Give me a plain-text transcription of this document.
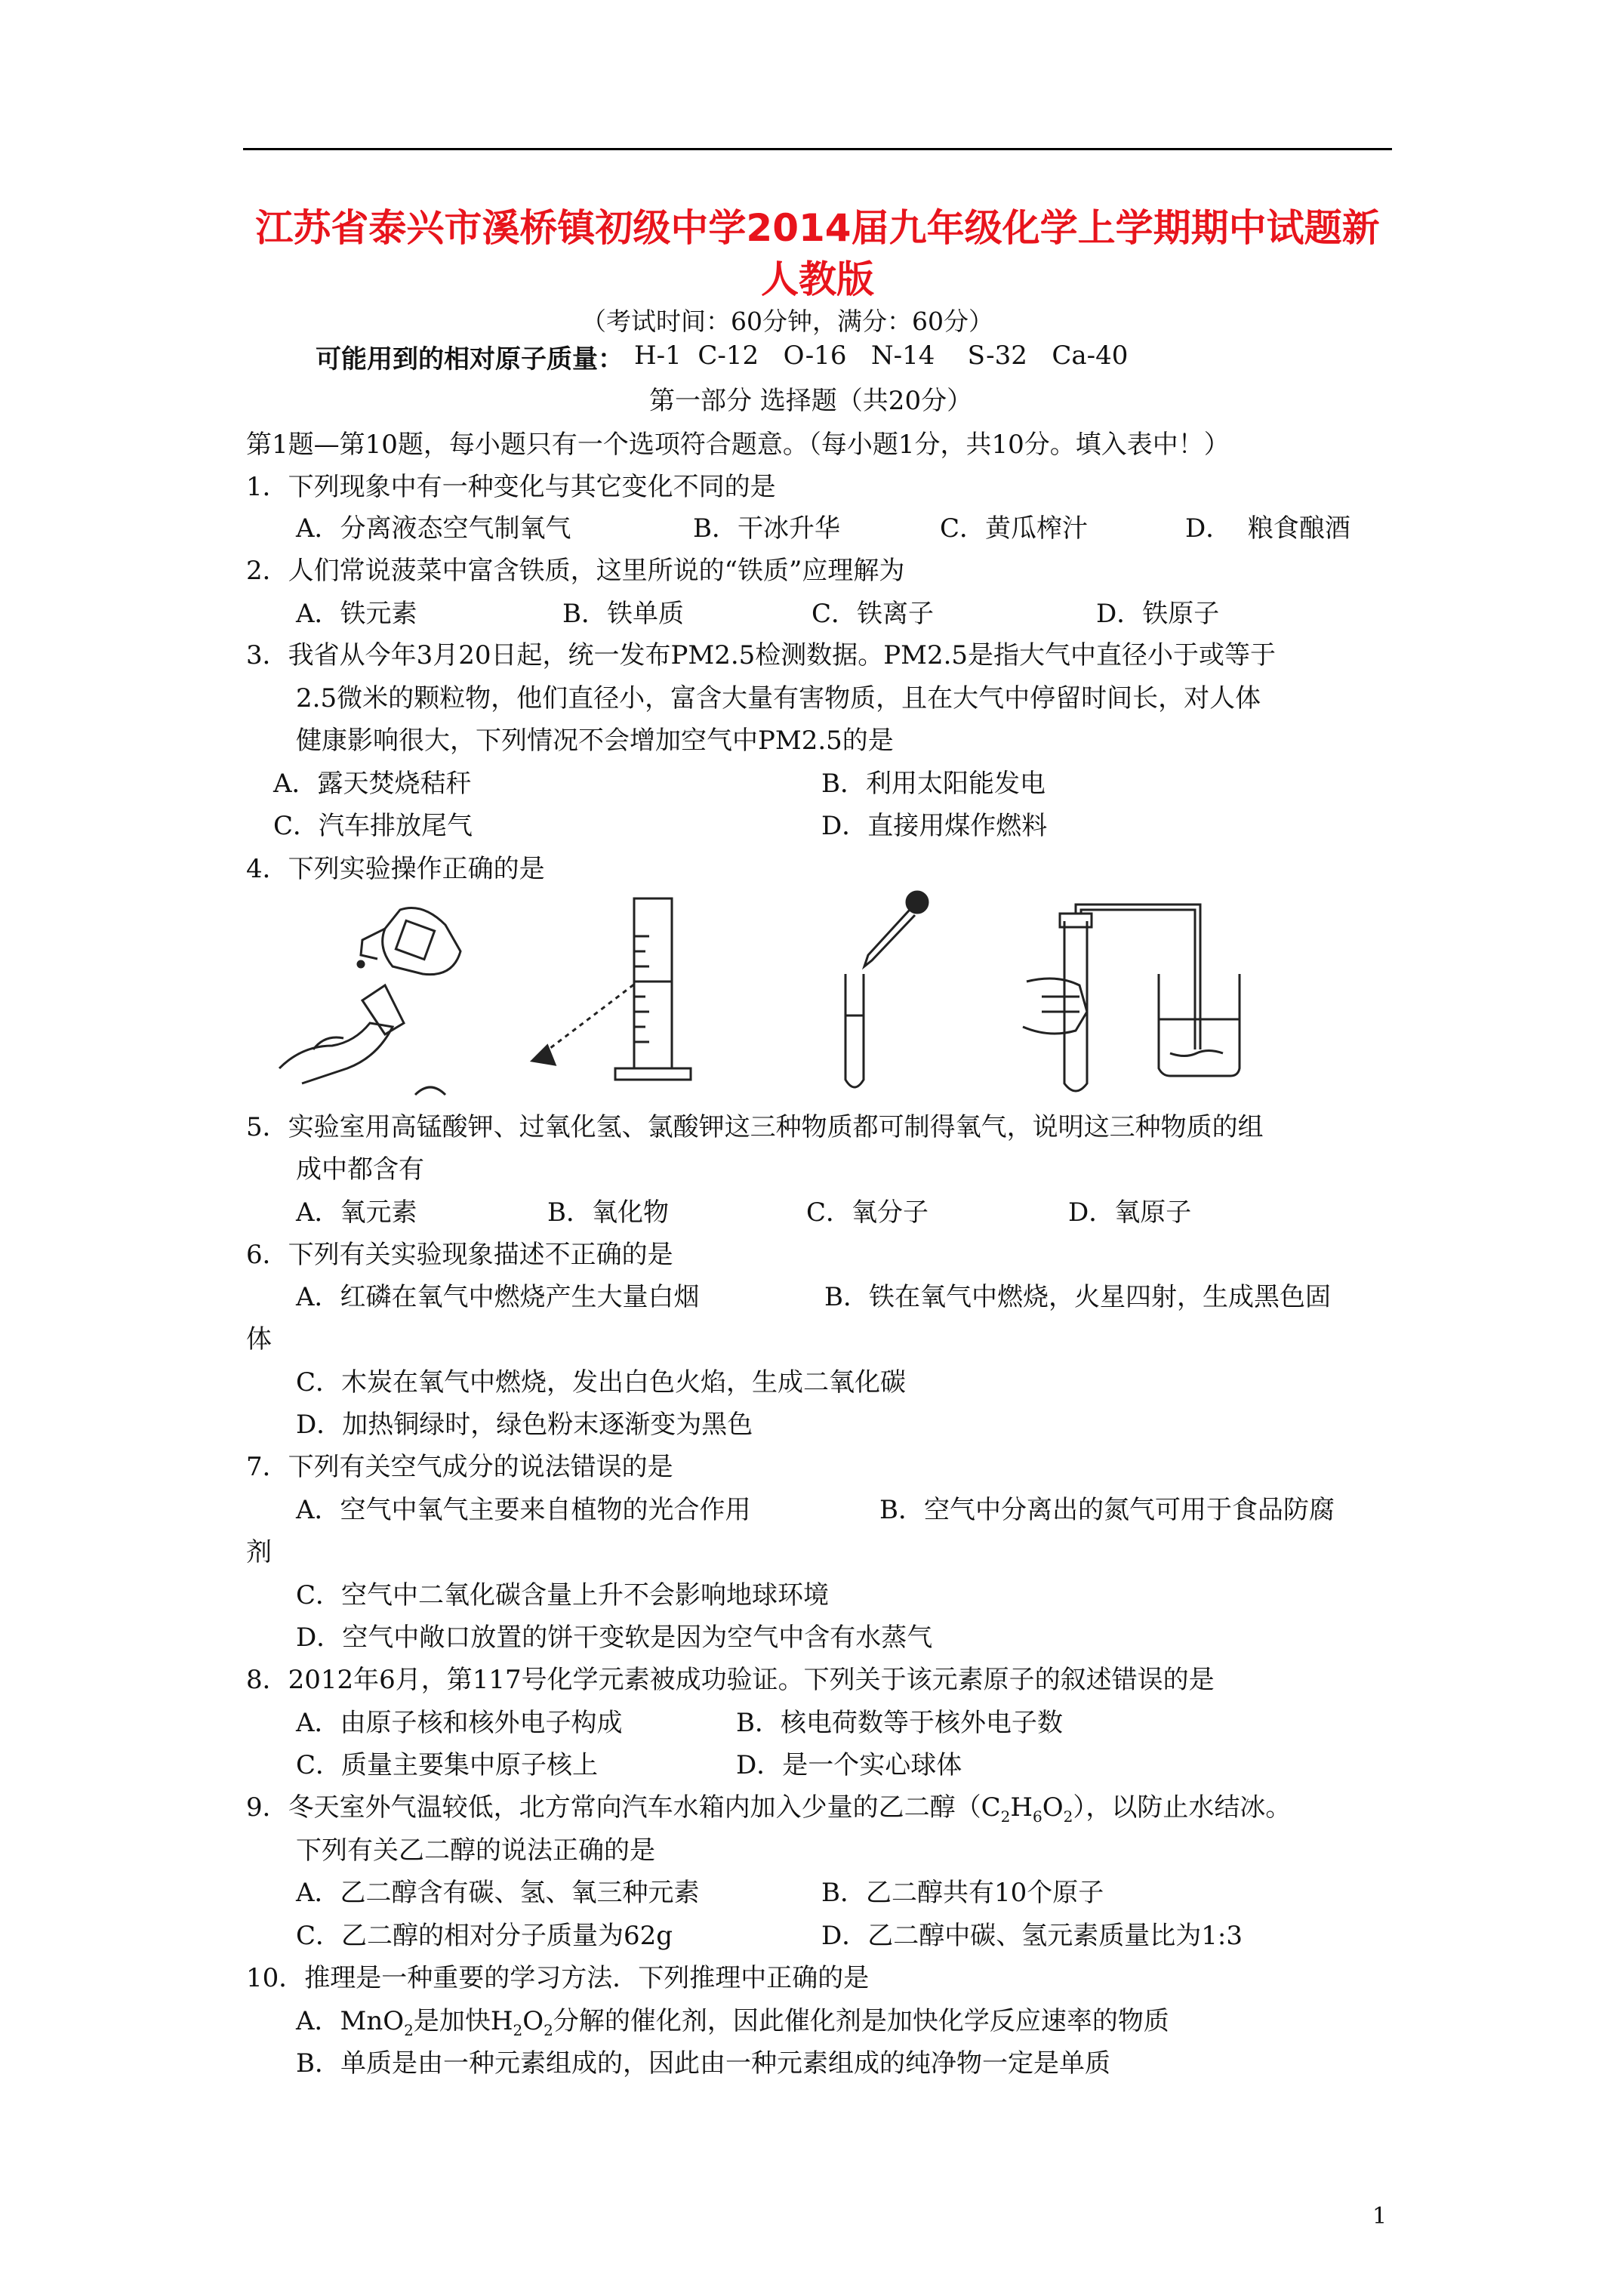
江苏省泰兴市溪桥镇初级中学2014届九年级化学上学期期中试题新
人教版
（考试时间：60分钟，满分：60分）
可能用到的相对原子质量： H-1  C-12   O-16   N-14    S-32   Ca-40
第一部分 选择题（共20分）
第1题—第10题，每小题只有一个选项符合题意。（每小题1分，共10分。填入表中！）
1．下列现象中有一种变化与其它变化不同的是
A．分离液态空气制氧气	B．干冰升华	C．黄瓜榨汁	D．  粮食酿酒
2．人们常说菠菜中富含铁质，这里所说的“铁质”应理解为
A．铁元素	B．铁单质	C．铁离子	D．铁原子
3．我省从今年3月20日起，统一发布PM2.5检测数据。PM2.5是指大气中直径小于或等于
2.5微米的颗粒物，他们直径小，富含大量有害物质，且在大气中停留时间长，对人体
健康影响很大，下列情况不会增加空气中PM2.5的是
A．露天焚烧秸秆	B．利用太阳能发电
C．汽车排放尾气	D．直接用煤作燃料
4．下列实验操作正确的是
5．实验室用高锰酸钾、过氧化氢、氯酸钾这三种物质都可制得氧气，说明这三种物质的组
成中都含有
A．氧元素	B．氧化物	C．氧分子	D．氧原子
6．下列有关实验现象描述不正确的是
A．红磷在氧气中燃烧产生大量白烟	B．铁在氧气中燃烧，火星四射，生成黑色固
体
C．木炭在氧气中燃烧，发出白色火焰，生成二氧化碳
D．加热铜绿时，绿色粉末逐渐变为黑色
7．下列有关空气成分的说法错误的是
A．空气中氧气主要来自植物的光合作用	B．空气中分离出的氮气可用于食品防腐
剂
C．空气中二氧化碳含量上升不会影响地球环境
D．空气中敞口放置的饼干变软是因为空气中含有水蒸气
8．2012年6月，第117号化学元素被成功验证。下列关于该元素原子的叙述错误的是
A．由原子核和核外电子构成	B．核电荷数等于核外电子数
C．质量主要集中原子核上	D．是一个实心球体
9．冬天室外气温较低，北方常向汽车水箱内加入少量的乙二醇$(C_2H_6O_2)$，以防止水结冰。
下列有关乙二醇的说法正确的是
A．乙二醇含有碳、氢、氧三种元素	B．乙二醇共有10个原子
C．乙二醇的相对分子质量为62g	D．乙二醇中碳、氢元素质量比为1:3
10．推理是一种重要的学习方法．下列推理中正确的是
A．MnO$_2$是加快$H_2O_2$分解的催化剂，因此催化剂是加快化学反应速率的物质
B．单质是由一种元素组成的，因此由一种元素组成的纯净物一定是单质
1
